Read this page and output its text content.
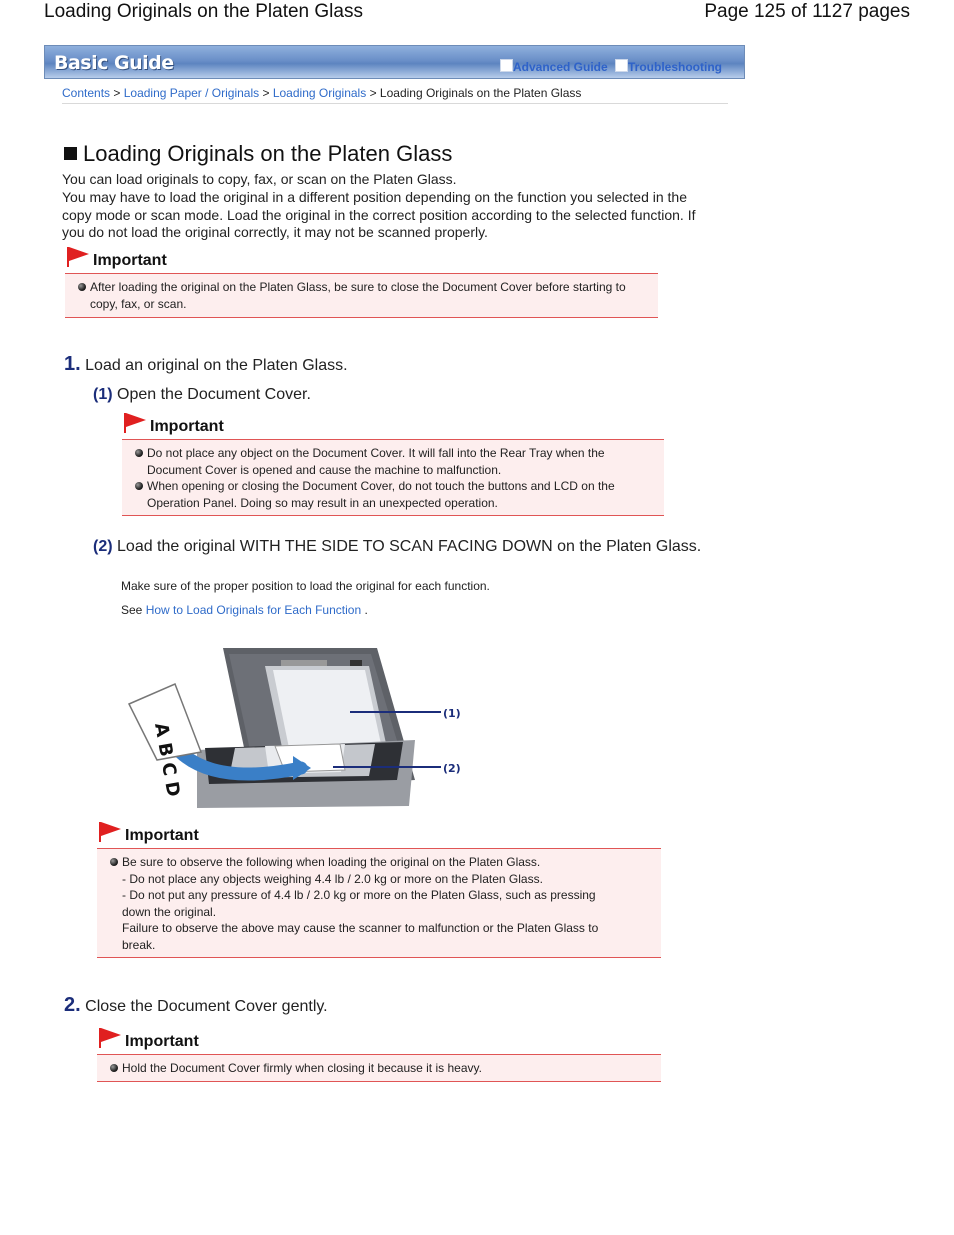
Loading Originals on the Platen Glass	Page 125 of 1127 pages
Basic Guide	Advanced Guide	Troubleshooting
Contents > Loading Paper / Originals > Loading Originals > Loading Originals on the Platen Glass
Loading Originals on the Platen Glass
You can load originals to copy, fax, or scan on the Platen Glass.
You may have to load the original in a different position depending on the function you selected in the copy mode or scan mode. Load the original in the correct position according to the selected function. If you do not load the original correctly, it may not be scanned properly.
Important
After loading the original on the Platen Glass, be sure to close the Document Cover before starting to copy, fax, or scan.
1. Load an original on the Platen Glass.
(1) Open the Document Cover.
Important
Do not place any object on the Document Cover. It will fall into the Rear Tray when the Document Cover is opened and cause the machine to malfunction.
When opening or closing the Document Cover, do not touch the buttons and LCD on the Operation Panel. Doing so may result in an unexpected operation.
(2) Load the original WITH THE SIDE TO SCAN FACING DOWN on the Platen Glass.
Make sure of the proper position to load the original for each function.
See How to Load Originals for Each Function .
A B C D
(1)
(2)
Important
Be sure to observe the following when loading the original on the Platen Glass.
- Do not place any objects weighing 4.4 lb / 2.0 kg or more on the Platen Glass.
- Do not put any pressure of 4.4 lb / 2.0 kg or more on the Platen Glass, such as pressing down the original.
Failure to observe the above may cause the scanner to malfunction or the Platen Glass to break.
2. Close the Document Cover gently.
Important
Hold the Document Cover firmly when closing it because it is heavy.
